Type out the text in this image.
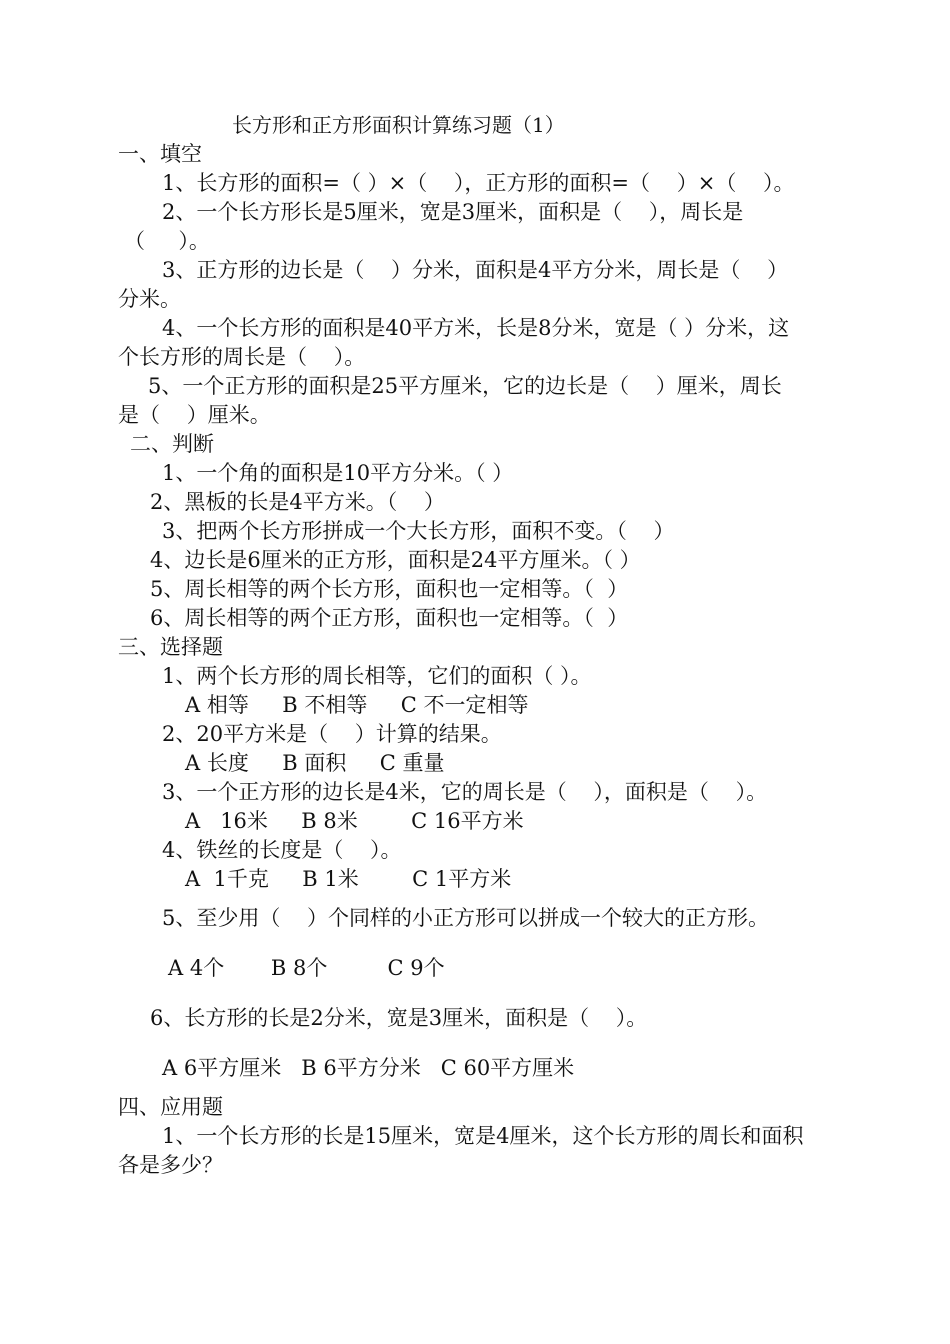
长方形和正方形面积计算练习题（1）
一、填空
1、长方形的面积=（ ）×（    ），正方形的面积=（    ）×（    ）。
2、一个长方形长是5厘米，宽是3厘米，面积是（    ），周长是
（     ）。
3、正方形的边长是（    ）分米，面积是4平方分米，周长是（    ）
分米。
4、一个长方形的面积是40平方米，长是8分米，宽是（ ）分米，这
个长方形的周长是（    ）。
5、一个正方形的面积是25平方厘米，它的边长是（    ）厘米，周长
是（    ）厘米。
二、判断
1、一个角的面积是10平方分米。（ ）
2、黑板的长是4平方米。（    ）
3、把两个长方形拼成一个大长方形，面积不变。（    ）
4、边长是6厘米的正方形，面积是24平方厘米。（ ）
5、周长相等的两个长方形，面积也一定相等。（  ）
6、周长相等的两个正方形，面积也一定相等。（  ）
三、选择题
1、两个长方形的周长相等，它们的面积（ ）。
A 相等     B 不相等     C 不一定相等
2、20平方米是（    ）计算的结果。
A 长度     B 面积     C 重量
3、一个正方形的边长是4米，它的周长是（    ），面积是（    ）。
A   16米     B 8米        C 16平方米
4、铁丝的长度是（    ）。
A  1千克     B 1米        C 1平方米
5、至少用（    ）个同样的小正方形可以拼成一个较大的正方形。
A 4个       B 8个         C 9个
6、长方形的长是2分米，宽是3厘米，面积是（    ）。
A 6平方厘米   B 6平方分米   C 60平方厘米
四、应用题
1、一个长方形的长是15厘米，宽是4厘米，这个长方形的周长和面积
各是多少？
